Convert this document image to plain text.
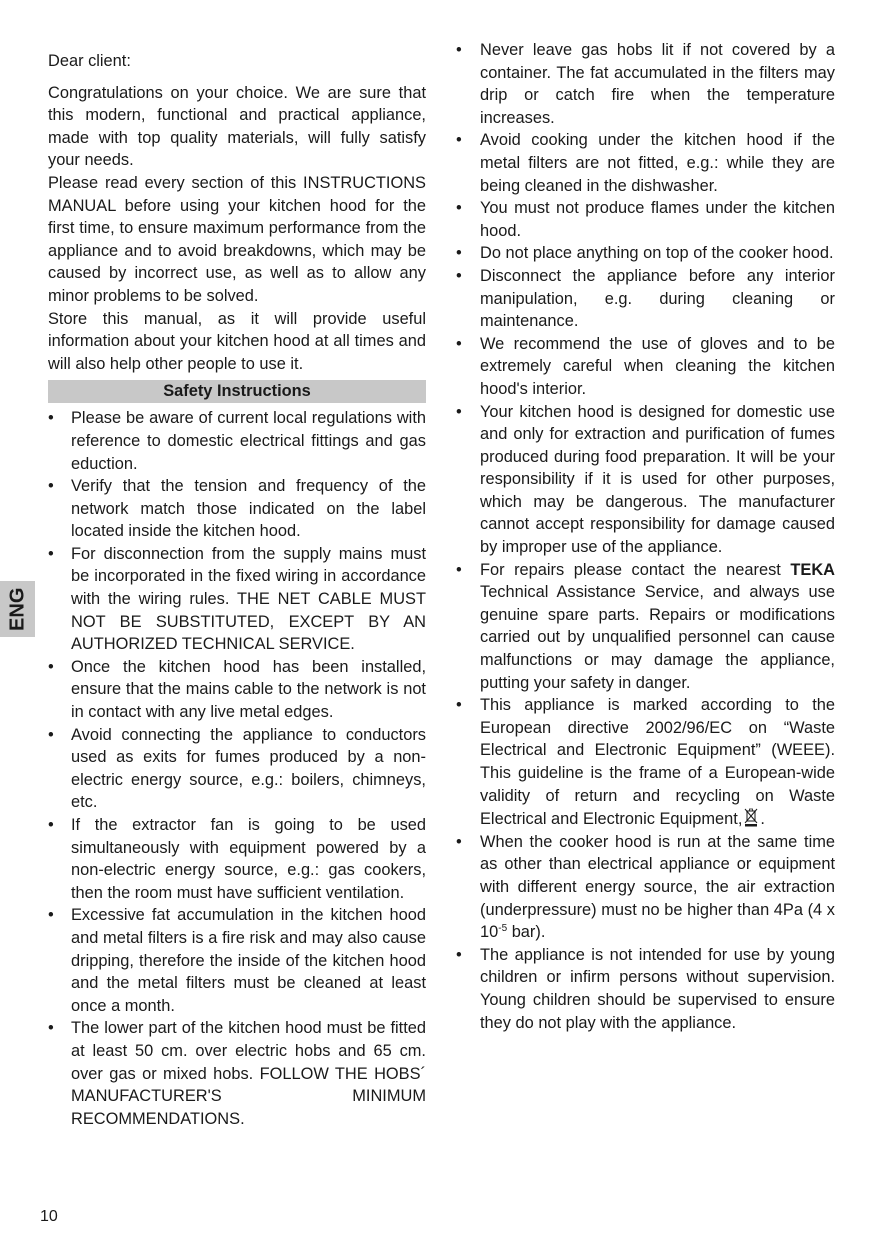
ENG

Dear client:

Congratulations on your choice. We are sure that this modern, functional and practical appliance, made with top quality materials, will fully satisfy your needs.

Please read every section of this INSTRUCTIONS MANUAL before using your kitchen hood for the first time, to ensure maximum performance from the appliance and to avoid breakdowns, which may be caused by incorrect use, as well as to allow any minor problems to be solved.

Store this manual, as it will provide useful information about your kitchen hood at all times and will also help other people to use it.

Safety Instructions
• Please be aware of current local regulations with reference to domestic electrical fittings and gas eduction.
• Verify that the tension and frequency of the network match those indicated on the label located inside the kitchen hood.
• For disconnection from the supply mains must be incorporated in the fixed wiring in accordance with the wiring rules. THE NET CABLE MUST NOT BE SUBSTITUTED, EXCEPT BY AN AUTHORIZED TECHNICAL SERVICE.
• Once the kitchen hood has been installed, ensure that the mains cable to the network is not in contact with any live metal edges.
• Avoid connecting the appliance to conductors used as exits for fumes produced by a non-electric energy source, e.g.: boilers, chimneys, etc.
• If the extractor fan is going to be used simultaneously with equipment powered by a non-electric energy source, e.g.: gas cookers, then the room must have sufficient ventilation.
• Excessive fat accumulation in the kitchen hood and metal filters is a fire risk and may also cause dripping, therefore the inside of the kitchen hood and the metal filters must be cleaned at least once a month.
• The lower part of the kitchen hood must be fitted at least 50 cm. over electric hobs and 65 cm. over gas or mixed hobs. FOLLOW THE HOBS´ MANUFACTURER'S MINIMUM RECOMMENDATIONS.
• Never leave gas hobs lit if not covered by a container. The fat accumulated in the filters may drip or catch fire when the temperature increases.
• Avoid cooking under the kitchen hood if the metal filters are not fitted, e.g.: while they are being cleaned in the dishwasher.
• You must not produce flames under the kitchen hood.
• Do not place anything on top of the cooker hood.
• Disconnect the appliance before any interior manipulation, e.g. during cleaning or maintenance.
• We recommend the use of gloves and to be extremely careful when cleaning the kitchen hood's interior.
• Your kitchen hood is designed for domestic use and only for extraction and purification of fumes produced during food preparation. It will be your responsibility if it is used for other purposes, which may be dangerous. The manufacturer cannot accept responsibility for damage caused by improper use of the appliance.
• For repairs please contact the nearest TEKA Technical Assistance Service, and always use genuine spare parts. Repairs or modifications carried out by unqualified personnel can cause malfunctions or may damage the appliance, putting your safety in danger.
• This appliance is marked according to the European directive 2002/96/EC on “Waste Electrical and Electronic Equipment” (WEEE). This guideline is the frame of a European-wide validity of return and recycling on Waste Electrical and Electronic Equipment, .
• When the cooker hood is run at the same time as other than electrical appliance or equipment with different energy source, the air extraction (underpressure) must no be higher than 4Pa (4 x $10^{-5}$ bar).
• The appliance is not intended for use by young children or infirm persons without supervision. Young children should be supervised to ensure they do not play with the appliance.
10
